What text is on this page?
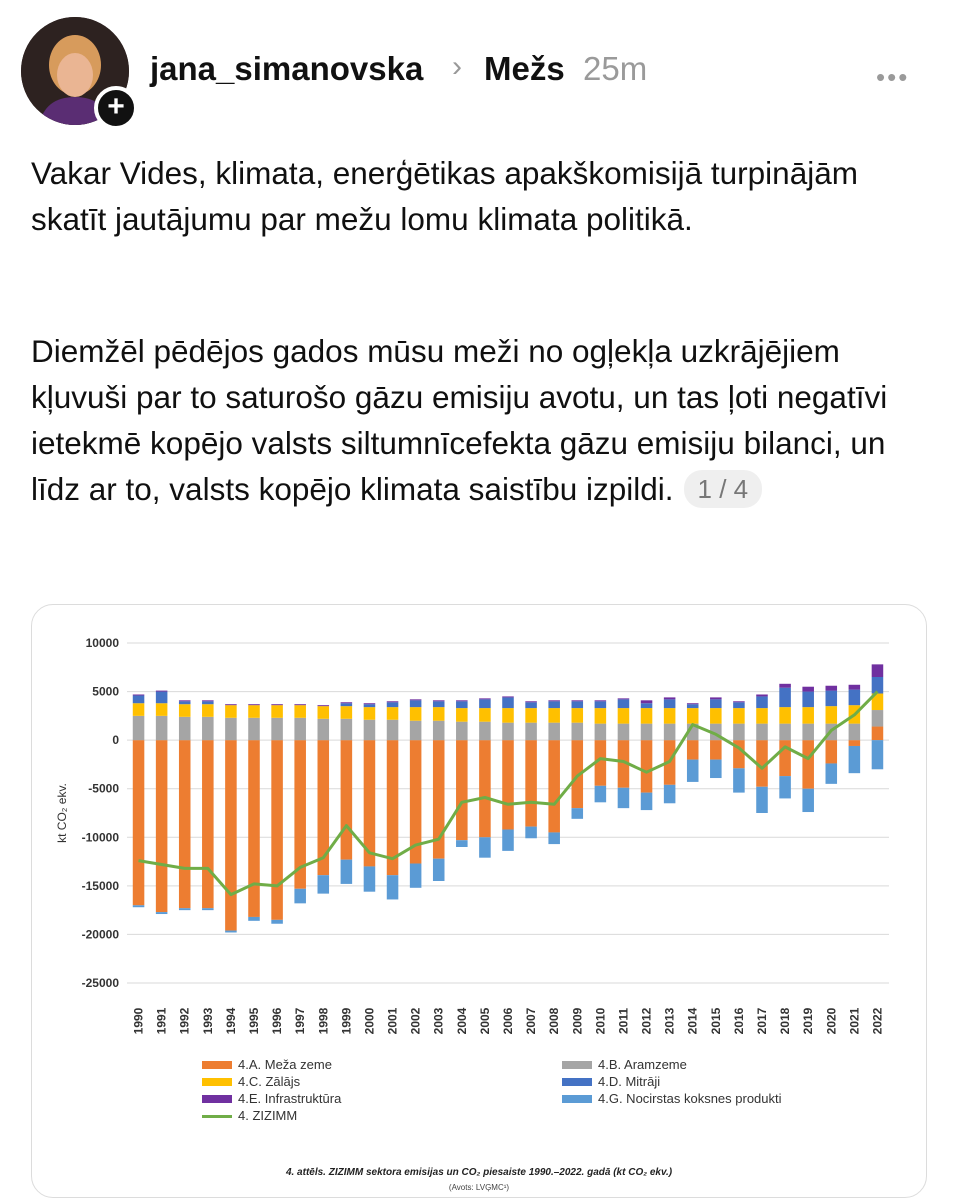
+
jana_simanovska › Mežs 25m	•••
Vakar Vides, klimata, enerģētikas apakškomisijā turpinājām skatīt jautājumu par mežu lomu klimata politikā.
Diemžēl pēdējos gados mūsu meži no ogļekļa uzkrājējiem kļuvuši par to saturošo gāzu emisiju avotu, un tas ļoti negatīvi ietekmē kopējo valsts siltumnīcefekta gāzu emisiju bilanci, un līdz ar to, valsts kopējo klimata saistību izpildi. 1 / 4
10000
5000
0
-5000
-10000
-15000
-20000
-25000
kt CO₂ ekv.
1990 1991 1992 1993 1994 1995 1996 1997 1998 1999 2000 2001 2002 2003 2004 2005 2006 2007 2008 2009 2010 2011 2012 2013 2014 2015 2016 2017 2018 2019 2020 2021 2022
4.A. Meža zeme	4.B. Aramzeme
4.C. Zālājs	4.D. Mitrāji
4.E. Infrastruktūra	4.G. Nocirstas koksnes produkti
4. ZIZIMM
4. attēls. ZIZIMM sektora emisijas un CO₂ piesaiste 1990.–2022. gadā (kt CO₂ ekv.)
(Avots: LVĢMC¹)
